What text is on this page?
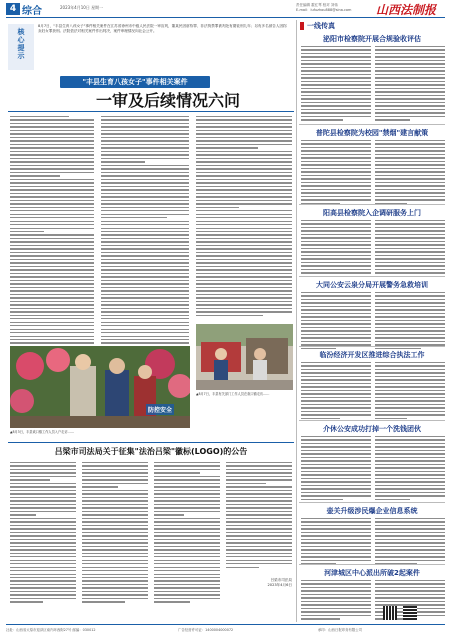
4 综合	2023年4月10日 星期一	责任编辑 霍红琴 校对 刘伟
E-mail：lufuzhou888@sina.com 山西法制报
核心提示
8月7日，"丰县生育八孩女子"事件相关案件在江苏省徐州市中级人民法院一审宣判，董某民因虐待罪、非法拘禁罪被判处有期徒刑九年；另有多名被告人因拐卖妇女罪获刑。法院依法对相关案件作出判决，案件审理情况向社会公开。
"丰县生育八孩女子"事件相关案件
一审及后续情况六问
▲8月7日，丰县有关部门工作人员在欢口镇走访……
防控安全
▲8月3日，丰县欢口镇工作人员入户走访……
吕梁市司法局关于征集"法治吕梁"徽标(LOGO)的公告
吕梁市司法局
2023年4月6日
一线传真
泌阳市检察院开展合规验收评估
普陀县检察院为校园"禁烟"建言献策
阳高县检察院入企调研服务上门
大同公安云泉分局开展警务急救培训
临汾经济开发区推进综合执法工作
介休公安成功打掉一个洗钱团伙
壶关升级涉民爆企业信息系统
河津城区中心派出所破2起案件
社址：山西省太原市迎泽区南内环西街27号 邮编：030012	广告经营许可证：1400004000072	承印：山西日报印务有限公司
